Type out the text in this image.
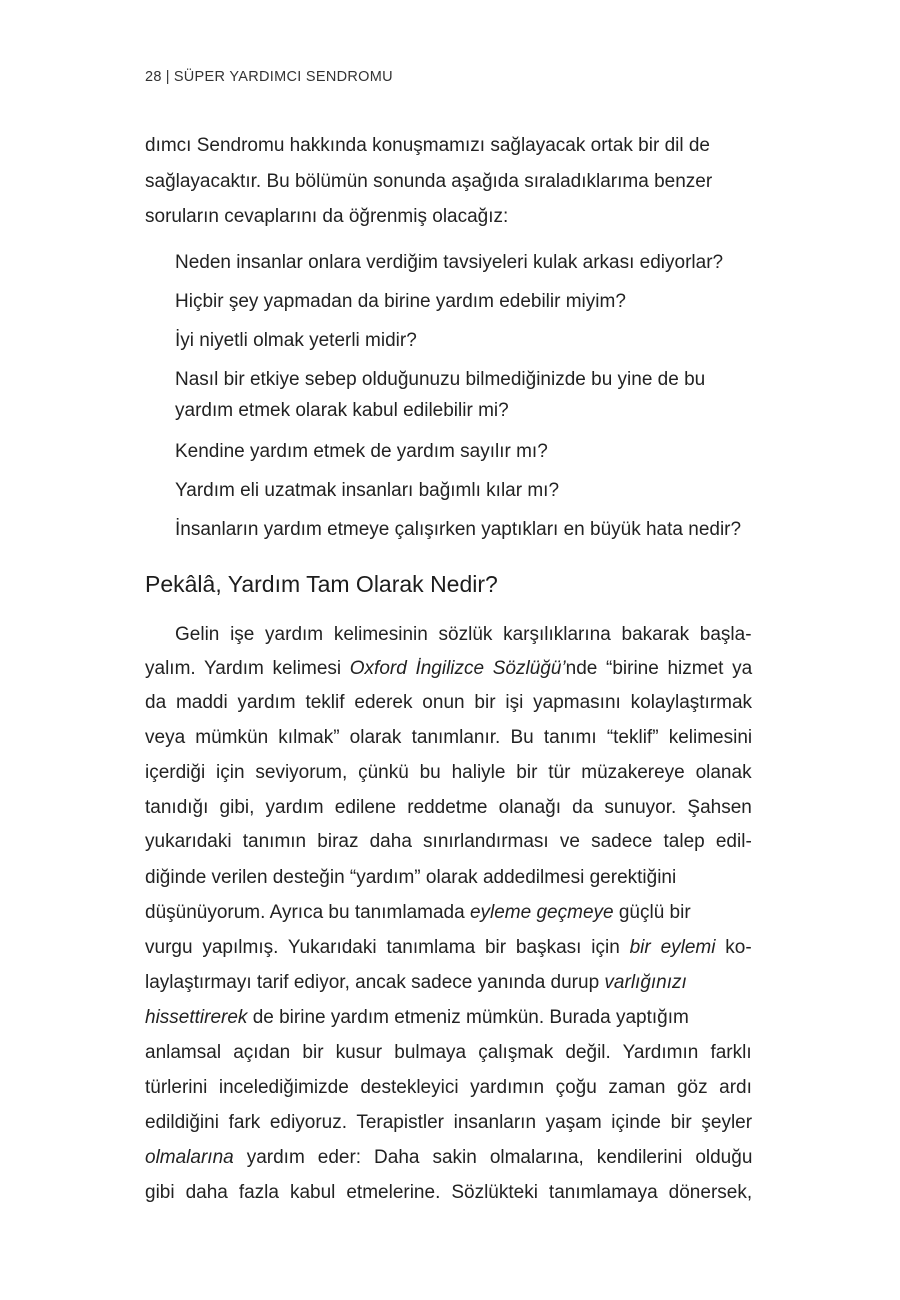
28 | SÜPER YARDIMCI SENDROMU
dımcı Sendromu hakkında konuşmamızı sağlayacak ortak bir dil de
sağlayacaktır. Bu bölümün sonunda aşağıda sıraladıklarıma benzer
soruların cevaplarını da öğrenmiş olacağız:
Neden insanlar onlara verdiğim tavsiyeleri kulak arkası ediyorlar?
Hiçbir şey yapmadan da birine yardım edebilir miyim?
İyi niyetli olmak yeterli midir?
Nasıl bir etkiye sebep olduğunuzu bilmediğinizde bu yine de bu
yardım etmek olarak kabul edilebilir mi?
Kendine yardım etmek de yardım sayılır mı?
Yardım eli uzatmak insanları bağımlı kılar mı?
İnsanların yardım etmeye çalışırken yaptıkları en büyük hata nedir?
Pekâlâ, Yardım Tam Olarak Nedir?
Gelin işe yardım kelimesinin sözlük karşılıklarına bakarak başla-
yalım. Yardım kelimesi Oxford İngilizce Sözlüğü’nde “birine hizmet ya
da maddi yardım teklif ederek onun bir işi yapmasını kolaylaştırmak
veya mümkün kılmak” olarak tanımlanır. Bu tanımı “teklif” kelimesini
içerdiği için seviyorum, çünkü bu haliyle bir tür müzakereye olanak
tanıdığı gibi, yardım edilene reddetme olanağı da sunuyor. Şahsen
yukarıdaki tanımın biraz daha sınırlandırması ve sadece talep edil-
diğinde verilen desteğin “yardım” olarak addedilmesi gerektiğini
düşünüyorum. Ayrıca bu tanımlamada eyleme geçmeye güçlü bir
vurgu yapılmış. Yukarıdaki tanımlama bir başkası için bir eylemi ko-
laylaştırmayı tarif ediyor, ancak sadece yanında durup varlığınızı
hissettirerek de birine yardım etmeniz mümkün. Burada yaptığım
anlamsal açıdan bir kusur bulmaya çalışmak değil. Yardımın farklı
türlerini incelediğimizde destekleyici yardımın çoğu zaman göz ardı
edildiğini fark ediyoruz. Terapistler insanların yaşam içinde bir şeyler
olmalarına yardım eder: Daha sakin olmalarına, kendilerini olduğu
gibi daha fazla kabul etmelerine. Sözlükteki tanımlamaya dönersek,
